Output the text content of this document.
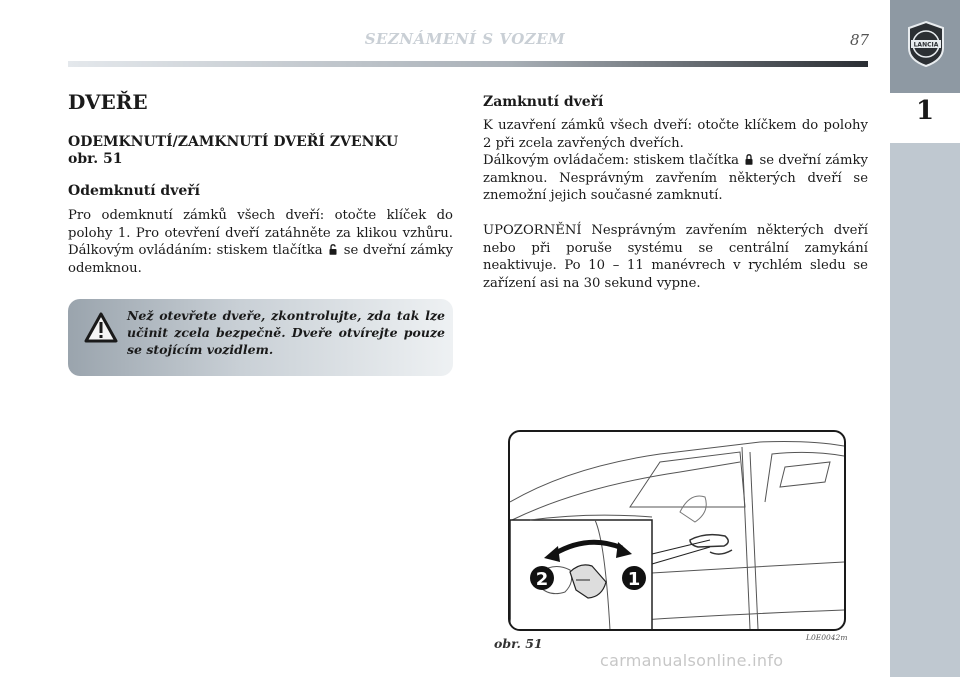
SEZNÁMENÍ S VOZEM	87	LANCIA
1
DVEŘE
ODEMKNUTÍ/ZAMKNUTÍ DVEŘÍ ZVENKU
obr. 51
Odemknutí dveří
Pro odemknutí zámků všech dveří: otočte klíček do polohy 1. Pro otevření dveří zatáhněte za klikou vzhůru. Dálkovým ovládáním: stiskem tlačítka se dveřní zámky odemknou.
Než otevřete dveře, zkontrolujte, zda tak lze učinit zcela bezpečně. Dveře otvírejte pouze se stojícím vozidlem.
Zamknutí dveří
K uzavření zámků všech dveří: otočte klíčkem do polohy 2 při zcela zavřených dveřích.
Dálkovým ovládačem: stiskem tlačítka se dveřní zámky zamknou. Nesprávným zavřením některých dveří se znemožní jejich současné zamknutí.
UPOZORNĚNÍ Nesprávným zavřením některých dveří nebo při poruše systému se centrální zamykání neaktivuje. Po 10 – 11 manévrech v rychlém sledu se zařízení asi na 30 sekund vypne.
2	1
obr. 51	L0E0042m
carmanualsonline.info
